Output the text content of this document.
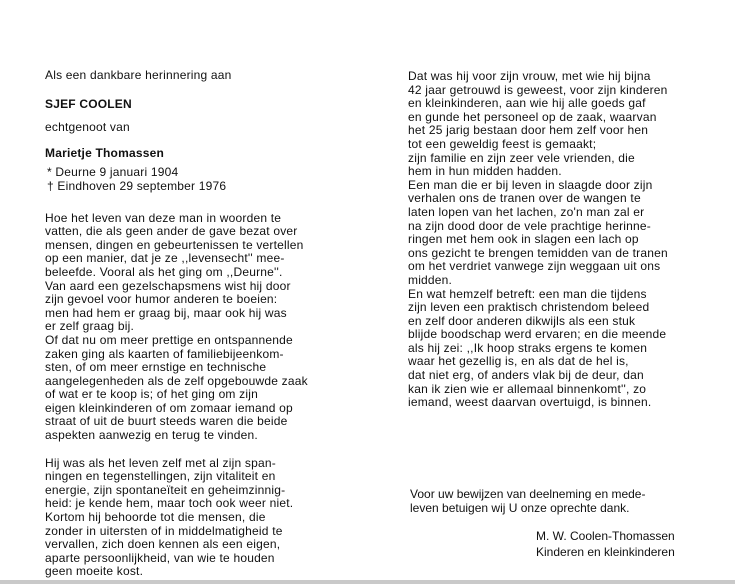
Als een dankbare herinnering aan
SJEF COOLEN
echtgenoot van
Marietje Thomassen
* Deurne 9 januari 1904
† Eindhoven 29 september 1976
Hoe het leven van deze man in woorden te
vatten, die als geen ander de gave bezat over
mensen, dingen en gebeurtenissen te vertellen
op een manier, dat je ze ,,levensecht'' mee-
beleefde. Vooral als het ging om ,,Deurne''.
Van aard een gezelschapsmens wist hij door
zijn gevoel voor humor anderen te boeien:
men had hem er graag bij, maar ook hij was
er zelf graag bij.
Of dat nu om meer prettige en ontspannende
zaken ging als kaarten of familiebijeenkom-
sten, of om meer ernstige en technische
aangelegenheden als de zelf opgebouwde zaak
of wat er te koop is; of het ging om zijn
eigen kleinkinderen of om zomaar iemand op
straat of uit de buurt steeds waren die beide
aspekten aanwezig en terug te vinden.
Hij was als het leven zelf met al zijn span-
ningen en tegenstellingen, zijn vitaliteit en
energie, zijn spontaneïteit en geheimzinnig-
heid: je kende hem, maar toch ook weer niet.
Kortom hij behoorde tot die mensen, die
zonder in uitersten of in middelmatigheid te
vervallen, zich doen kennen als een eigen,
aparte persoonlijkheid, van wie te houden
geen moeite kost.
Dat was hij voor zijn vrouw, met wie hij bijna
42 jaar getrouwd is geweest, voor zijn kinderen
en kleinkinderen, aan wie hij alle goeds gaf
en gunde het personeel op de zaak, waarvan
het 25 jarig bestaan door hem zelf voor hen
tot een geweldig feest is gemaakt;
zijn familie en zijn zeer vele vrienden, die
hem in hun midden hadden.
Een man die er bij leven in slaagde door zijn
verhalen ons de tranen over de wangen te
laten lopen van het lachen, zo'n man zal er
na zijn dood door de vele prachtige herinne-
ringen met hem ook in slagen een lach op
ons gezicht te brengen temidden van de tranen
om het verdriet vanwege zijn weggaan uit ons
midden.
En wat hemzelf betreft: een man die tijdens
zijn leven een praktisch christendom beleed
en zelf door anderen dikwijls als een stuk
blijde boodschap werd ervaren; en die meende
als hij zei: ,,Ik hoop straks ergens te komen
waar het gezellig is, en als dat de hel is,
dat niet erg, of anders vlak bij de deur, dan
kan ik zien wie er allemaal binnenkomt'', zo
iemand, weest daarvan overtuigd, is binnen.
Voor uw bewijzen van deelneming en mede-
leven betuigen wij U onze oprechte dank.
M. W. Coolen-Thomassen
Kinderen en kleinkinderen
